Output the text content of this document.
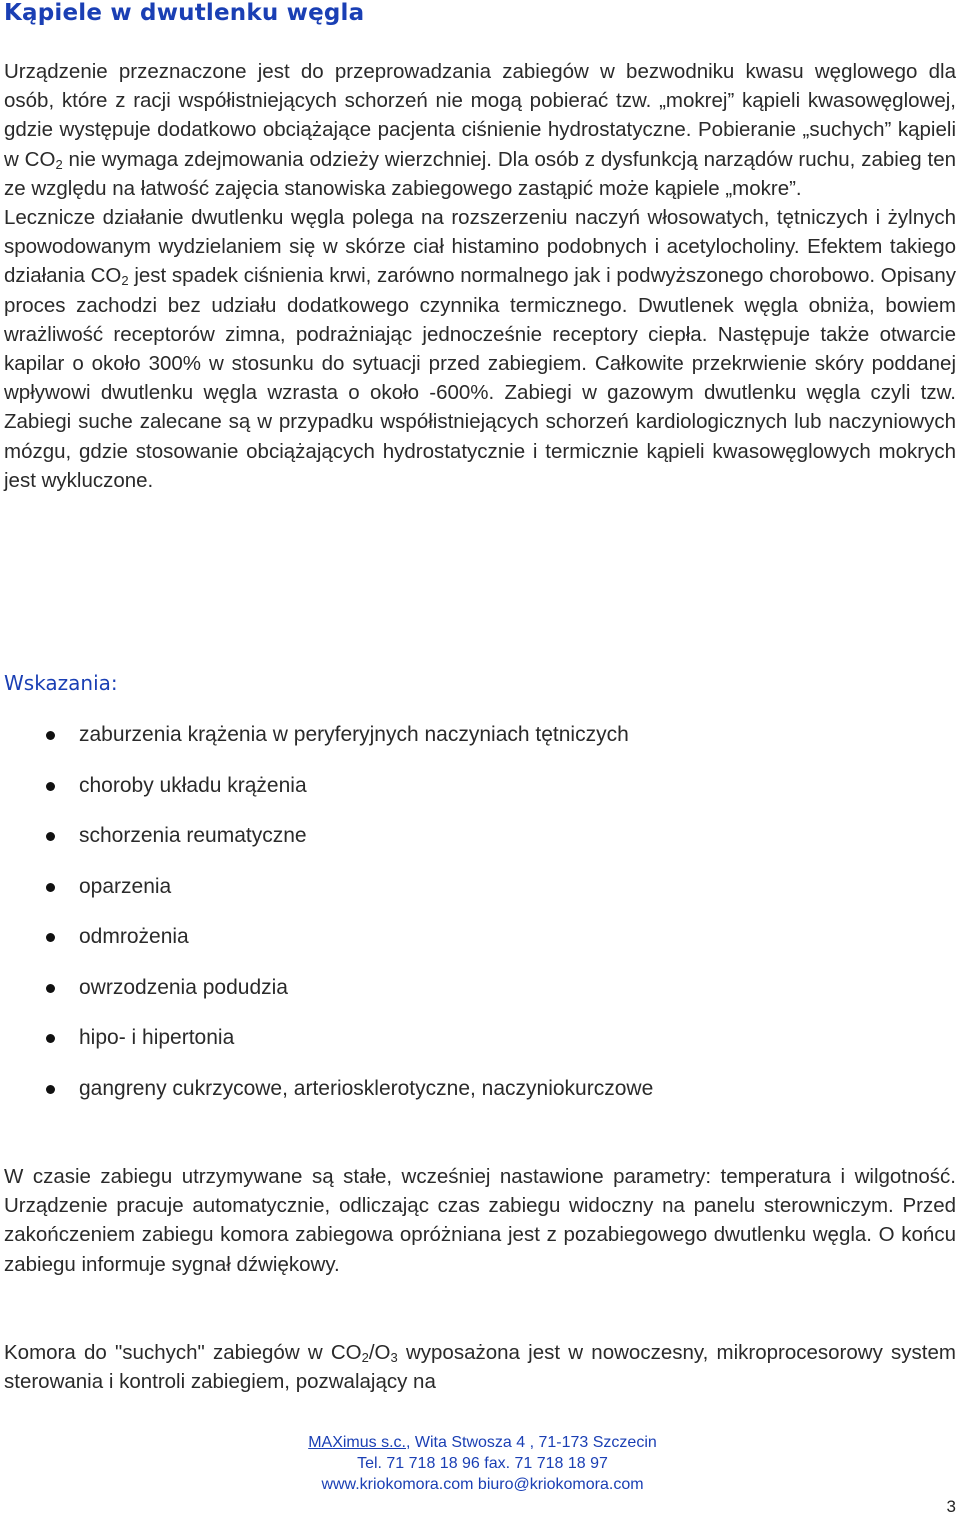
Kąpiele w dwutlenku węgla

Urządzenie przeznaczone jest do przeprowadzania zabiegów w bezwodniku kwasu węglowego dla osób, które z racji współistniejących schorzeń nie mogą pobierać tzw. „mokrej” kąpieli kwasowęglowej, gdzie występuje dodatkowo obciążające pacjenta ciśnienie hydrostatyczne. Pobieranie „suchych” kąpieli w $CO_2$ nie wymaga zdejmowania odzieży wierzchniej. Dla osób z dysfunkcją narządów ruchu, zabieg ten ze względu na łatwość zajęcia stanowiska zabiegowego zastąpić może kąpiele „mokre”.
Lecznicze działanie dwutlenku węgla polega na rozszerzeniu naczyń włosowatych, tętniczych i żylnych spowodowanym wydzielaniem się w skórze ciał histamino podobnych i acetylocholiny. Efektem takiego działania $CO_2$ jest spadek ciśnienia krwi, zarówno normalnego jak i podwyższonego chorobowo. Opisany proces zachodzi bez udziału dodatkowego czynnika termicznego. Dwutlenek węgla obniża, bowiem wrażliwość receptorów zimna, podrażniając jednocześnie receptory ciepła. Następuje także otwarcie kapilar o około 300% w stosunku do sytuacji przed zabiegiem. Całkowite przekrwienie skóry poddanej wpływowi dwutlenku węgla wzrasta o około -600%. Zabiegi w gazowym dwutlenku węgla czyli tzw. Zabiegi suche zalecane są w przypadku współistniejących schorzeń kardiologicznych lub naczyniowych mózgu, gdzie stosowanie obciążających hydrostatycznie i termicznie kąpieli kwasowęglowych mokrych jest wykluczone.

Wskazania:
zaburzenia krążenia w peryferyjnych naczyniach tętniczych
choroby układu krążenia
schorzenia reumatyczne
oparzenia
odmrożenia
owrzodzenia podudzia
hipo- i hipertonia
gangreny cukrzycowe, arteriosklerotyczne, naczyniokurczowe

W czasie zabiegu utrzymywane są stałe, wcześniej nastawione parametry: temperatura i wilgotność. Urządzenie pracuje automatycznie, odliczając czas zabiegu widoczny na panelu sterowniczym. Przed zakończeniem zabiegu komora zabiegowa opróżniana jest z pozabiegowego dwutlenku węgla. O końcu zabiegu informuje sygnał dźwiękowy.

Komora do "suchych" zabiegów w $CO_2/O_3$ wyposażona jest w nowoczesny, mikroprocesorowy system sterowania i kontroli zabiegiem, pozwalający na

MAXimus s.c., Wita Stwosza 4 , 71-173 Szczecin
Tel. 71 718 18 96 fax. 71 718 18 97
www.kriokomora.com biuro@kriokomora.com
3
